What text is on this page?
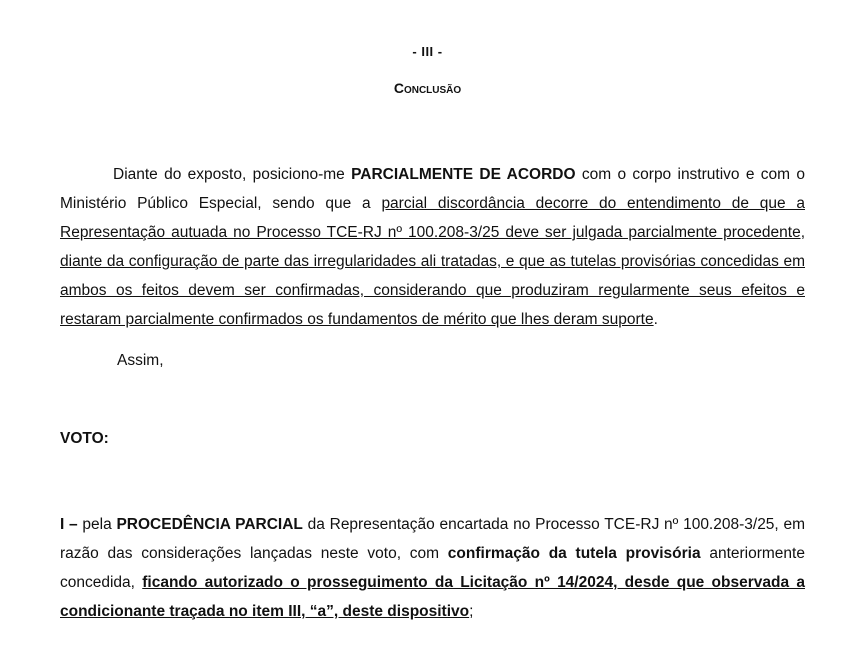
- III -
Conclusão
Diante do exposto, posiciono-me PARCIALMENTE DE ACORDO com o corpo instrutivo e com o Ministério Público Especial, sendo que a parcial discordância decorre do entendimento de que a Representação autuada no Processo TCE-RJ nº 100.208-3/25 deve ser julgada parcialmente procedente, diante da configuração de parte das irregularidades ali tratadas, e que as tutelas provisórias concedidas em ambos os feitos devem ser confirmadas, considerando que produziram regularmente seus efeitos e restaram parcialmente confirmados os fundamentos de mérito que lhes deram suporte.
Assim,
VOTO:
I – pela PROCEDÊNCIA PARCIAL da Representação encartada no Processo TCE-RJ nº 100.208-3/25, em razão das considerações lançadas neste voto, com confirmação da tutela provisória anteriormente concedida, ficando autorizado o prosseguimento da Licitação nº 14/2024, desde que observada a condicionante traçada no item III, “a”, deste dispositivo;
